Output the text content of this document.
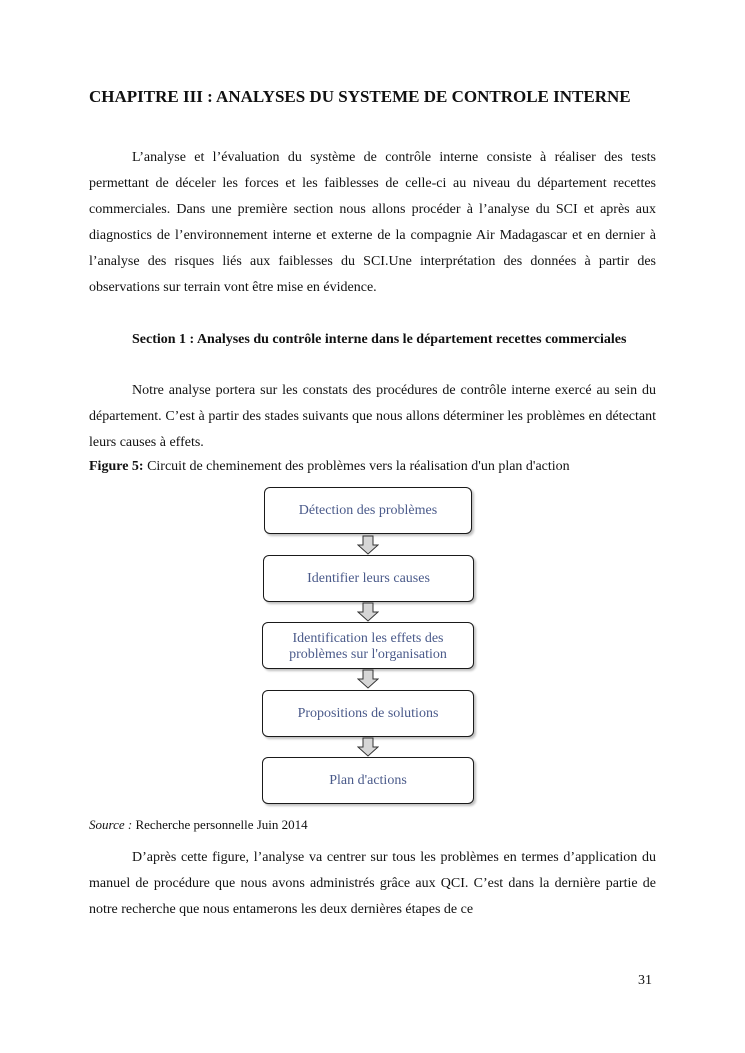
CHAPITRE III : ANALYSES DU SYSTEME DE CONTROLE INTERNE

L’analyse et l’évaluation du système de contrôle interne consiste à réaliser des tests permettant de déceler les forces et les faiblesses de celle-ci au niveau du département recettes commerciales. Dans une première section nous allons procéder à l’analyse du SCI et après aux diagnostics de l’environnement interne et externe de la compagnie Air Madagascar et en dernier à l’analyse des risques liés aux faiblesses du SCI.Une interprétation des données à partir des observations sur terrain vont être mise en évidence.

Section 1 : Analyses du contrôle interne dans le département recettes commerciales

Notre analyse portera sur les constats des procédures de contrôle interne exercé au sein du département. C’est à partir des stades suivants que nous allons déterminer les problèmes en détectant leurs causes à effets.

Figure 5: Circuit de cheminement des problèmes vers la réalisation d'un plan d'action
Détection des problèmes
Identifier leurs causes
Identification les effets des problèmes sur l'organisation
Propositions de solutions
Plan d'actions
Source : Recherche personnelle Juin 2014

D’après cette figure, l’analyse va centrer sur tous les problèmes en termes d’application du manuel de procédure que nous avons administrés grâce aux QCI. C’est dans la dernière partie de notre recherche que nous entamerons les deux dernières étapes de ce

31
